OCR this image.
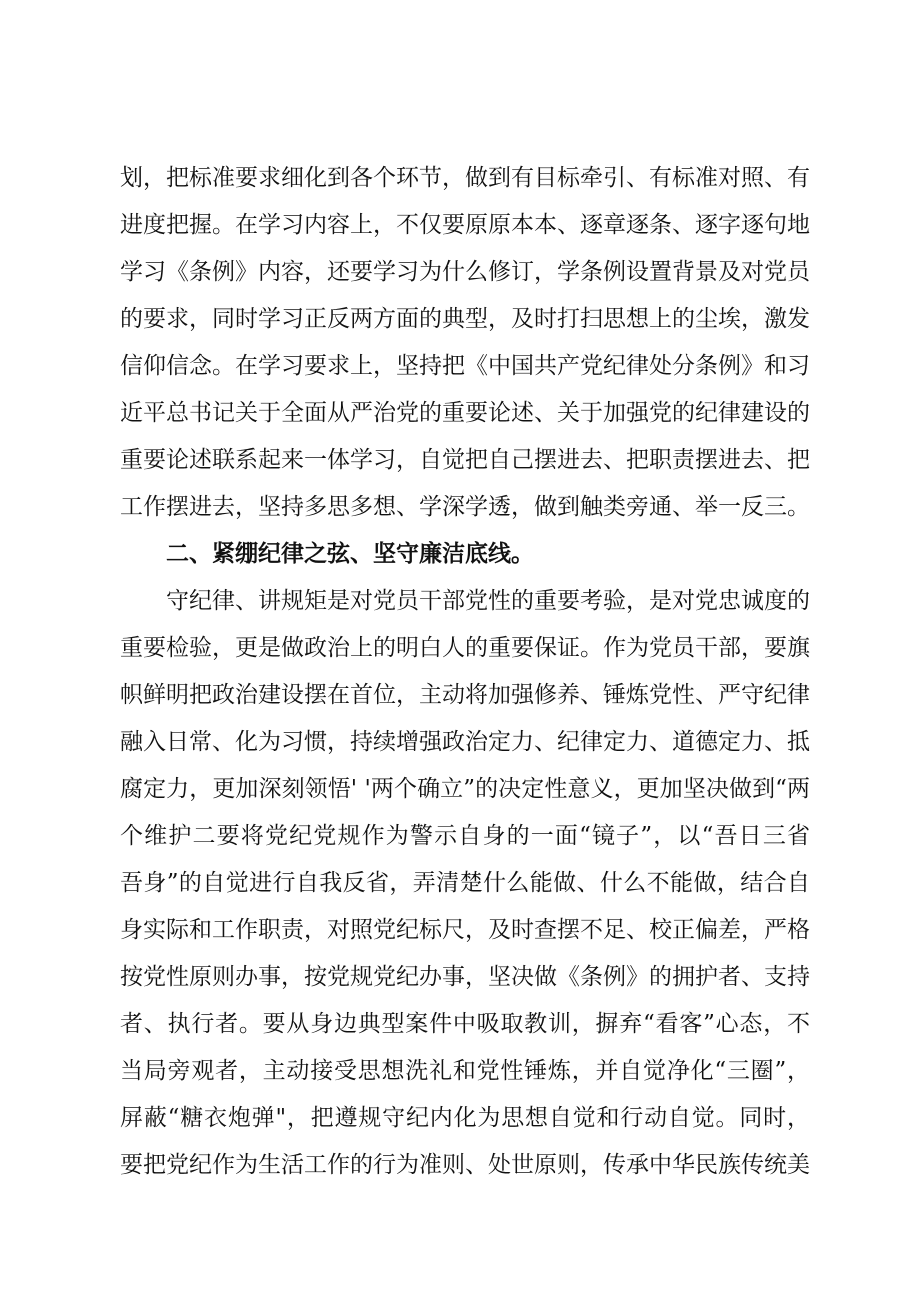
划，把标准要求细化到各个环节，做到有目标牵引、有标准对照、有
进度把握。在学习内容上，不仅要原原本本、逐章逐条、逐字逐句地
学习《条例》内容，还要学习为什么修订，学条例设置背景及对党员
的要求，同时学习正反两方面的典型，及时打扫思想上的尘埃，激发
信仰信念。在学习要求上，坚持把《中国共产党纪律处分条例》和习
近平总书记关于全面从严治党的重要论述、关于加强党的纪律建设的
重要论述联系起来一体学习，自觉把自己摆进去、把职责摆进去、把
工作摆进去，坚持多思多想、学深学透，做到触类旁通、举一反三。
二、紧绷纪律之弦、坚守廉洁底线。
守纪律、讲规矩是对党员干部党性的重要考验，是对党忠诚度的
重要检验，更是做政治上的明白人的重要保证。作为党员干部，要旗
帜鲜明把政治建设摆在首位，主动将加强修养、锤炼党性、严守纪律
融入日常、化为习惯，持续增强政治定力、纪律定力、道德定力、抵
腐定力，更加深刻领悟' '两个确立”的决定性意义，更加坚决做到“两
个维护二要将党纪党规作为警示自身的一面“镜子”，以“吾日三省
吾身”的自觉进行自我反省，弄清楚什么能做、什么不能做，结合自
身实际和工作职责，对照党纪标尺，及时查摆不足、校正偏差，严格
按党性原则办事，按党规党纪办事，坚决做《条例》的拥护者、支持
者、执行者。要从身边典型案件中吸取教训，摒弃“看客”心态，不
当局旁观者，主动接受思想洗礼和党性锤炼，并自觉净化“三圈”，
屏蔽“糖衣炮弹"，把遵规守纪内化为思想自觉和行动自觉。同时，
要把党纪作为生活工作的行为准则、处世原则，传承中华民族传统美
